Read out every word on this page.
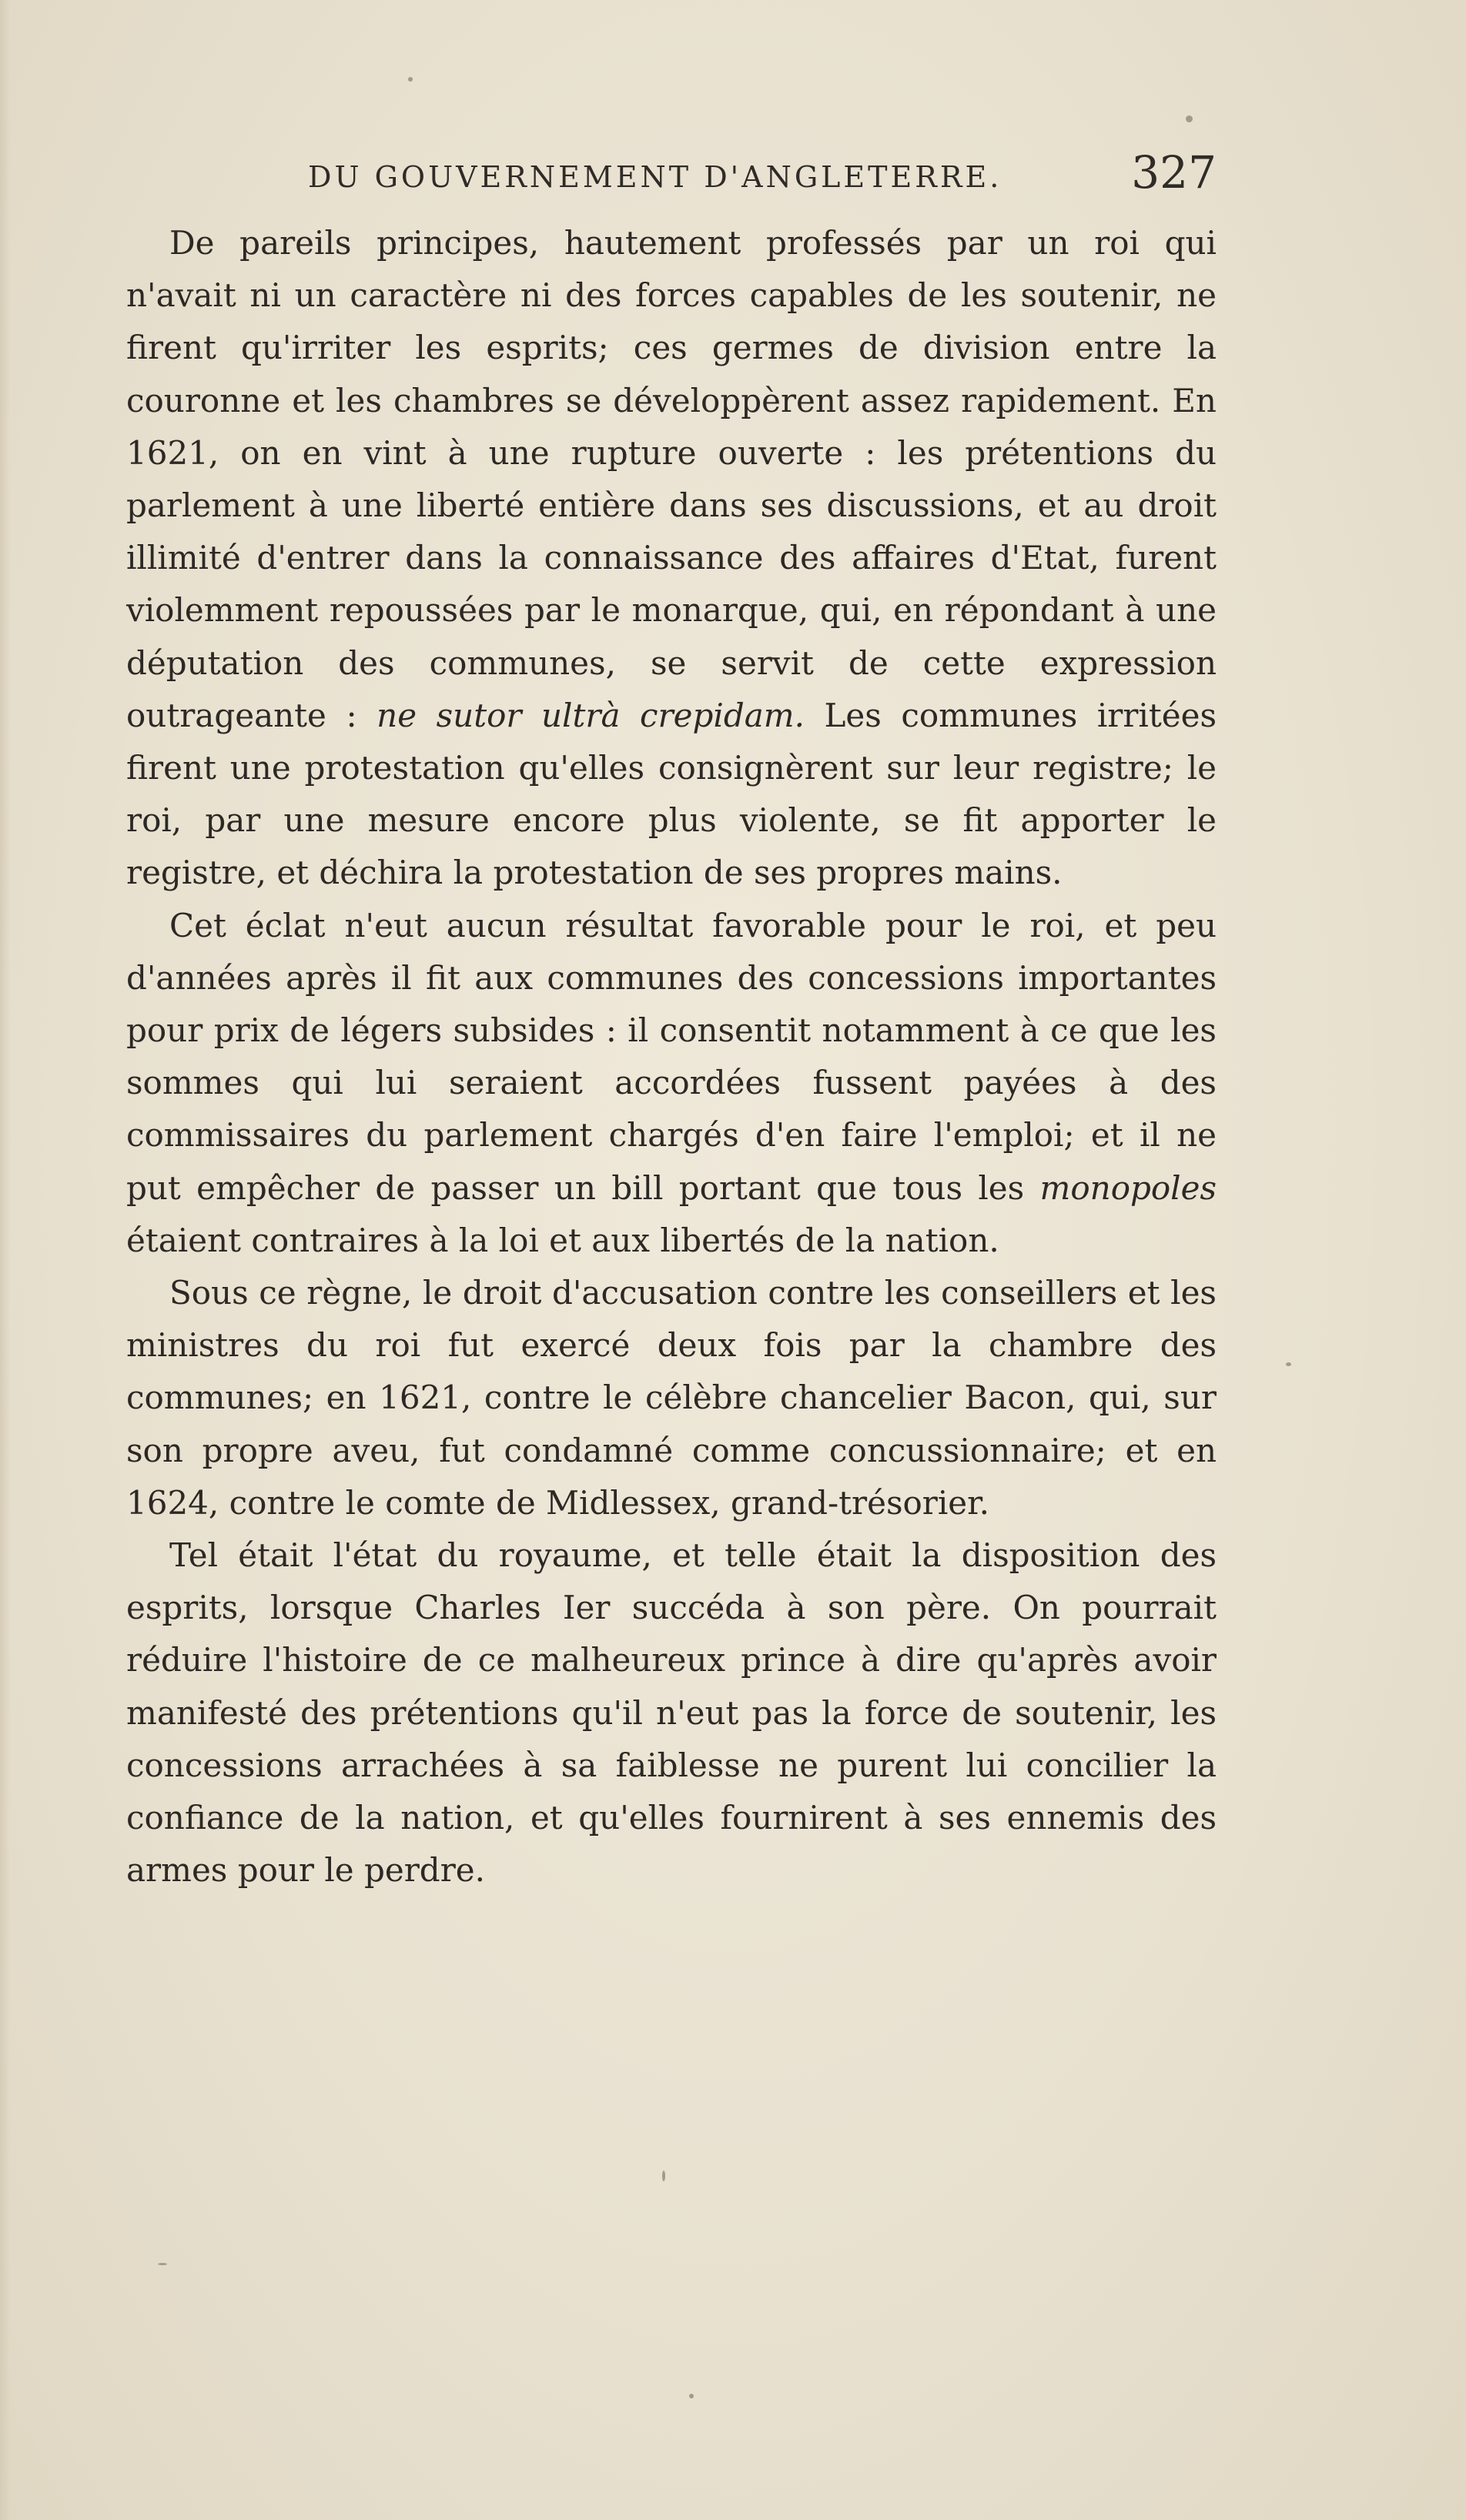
DU GOUVERNEMENT D'ANGLETERRE.	327

De pareils principes, hautement professés par un roi qui n'avait ni un caractère ni des forces capables de les soutenir, ne firent qu'irriter les esprits; ces germes de division entre la couronne et les chambres se développèrent assez rapidement. En 1621, on en vint à une rupture ouverte : les prétentions du parlement à une liberté entière dans ses discussions, et au droit illimité d'entrer dans la connaissance des affaires d'Etat, furent violemment repoussées par le monarque, qui, en répondant à une députation des communes, se servit de cette expression outrageante : ne sutor ultrà crepidam. Les communes irritées firent une protestation qu'elles consignèrent sur leur registre; le roi, par une mesure encore plus violente, se fit apporter le registre, et déchira la protestation de ses propres mains.

Cet éclat n'eut aucun résultat favorable pour le roi, et peu d'années après il fit aux communes des concessions importantes pour prix de légers subsides : il consentit notamment à ce que les sommes qui lui seraient accordées fussent payées à des commissaires du parlement chargés d'en faire l'emploi; et il ne put empêcher de passer un bill portant que tous les monopoles étaient contraires à la loi et aux libertés de la nation.

Sous ce règne, le droit d'accusation contre les conseillers et les ministres du roi fut exercé deux fois par la chambre des communes; en 1621, contre le célèbre chancelier Bacon, qui, sur son propre aveu, fut condamné comme concussionnaire; et en 1624, contre le comte de Midlessex, grand-trésorier.

Tel était l'état du royaume, et telle était la disposition des esprits, lorsque Charles Ier succéda à son père. On pourrait réduire l'histoire de ce malheureux prince à dire qu'après avoir manifesté des prétentions qu'il n'eut pas la force de soutenir, les concessions arrachées à sa faiblesse ne purent lui concilier la confiance de la nation, et qu'elles fournirent à ses ennemis des armes pour le perdre.
